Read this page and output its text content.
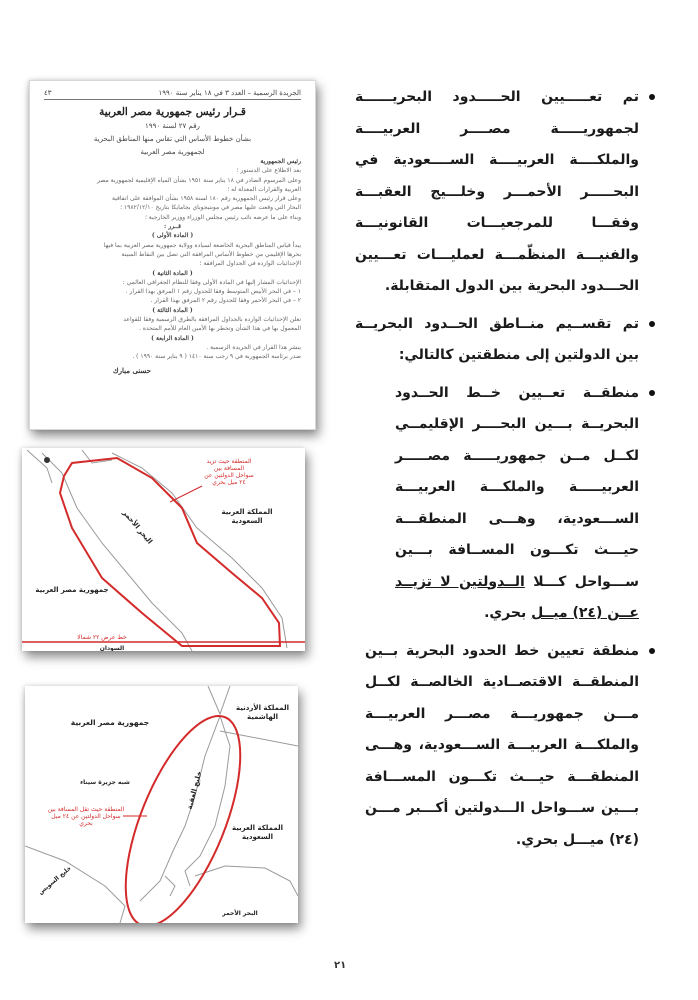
تم تعـــــيين الحـــــدود البحريــــــة لجمهوريـــــة مصــــر العربيــــة والملكــــة العربيــــة الســــعودية في البحـــــر الأحمـــر وخلـــيج العقبـــة وفقـــا للمرجعيـــات القانونيـــة والفنيـــة المنظّمـــة لعمليـــات تعـــيين الحـــدود البحرية بين الدول المتقابلة.

تم تقســيم منــاطق الحــدود البحريــة بين الدولتين إلى منطقتين كالتالي:

منطقــة تعــيين خــط الحــدود البحريــة بـــين البحــــر الإقليمــي لكــل مــن جمهوريـــــة مصـــــر العربيـــــة والملكـــة العربيـــة الســـعودية، وهـــى المنطقـــة حيـــث تكـــون المســافة بـــين ســـواحل كـــلا الــدولتين لا تزيــد عــن (٢٤) ميــل بحري.

منطقة تعيين خط الحدود البحرية بــين المنطقــة الاقتصــادية الخالصــة لكــل مـــن جمهوريـــة مصـــر العربيـــة والملكـــة العربيـــة الســـعودية، وهـــى المنطقـــة حيـــث تكـــون المســـافة بـــين ســـواحل الـــدولتين أكـــبر مـــن (٢٤) ميـــل بحري.

الجريدة الرسمية – العدد ٣ في ١٨ يناير سنة ١٩٩٠
٤٣
قـرار رئيس جمهورية مصر العربية
رقم ٢٧ لسنة ١٩٩٠
بشأن خطوط الأساس التي تقاس منها المناطق البحرية
لجمهورية مصر العربية
رئيس الجمهورية
بعد الاطلاع على الدستور ؛
وعلى المرسوم الصادر في ١٨ يناير سنة ١٩٥١ بشأن المياه الإقليمية لجمهورية مصر
العربية والقرارات المعدلة له ؛
وعلى قرار رئيس الجمهورية رقم ١٨٠ لسنة ١٩٥٨ بشأن الموافقة على اتفاقية
البحار التي وقعت عليها مصر في مونتيجوباي بجامايكا بتاريخ ١٩٨٢/١٢/١٠ ؛
وبناء على ما عرضه نائب رئيس مجلس الوزراء ووزير الخارجية ؛
قــرر :
( المادة الأولى )
يبدأ قياس المناطق البحرية الخاضعة لسيادة وولاية جمهورية مصر العربية بما فيها
بحرها الإقليمي من خطوط الأساس المرافقة التي تصل بين النقاط المبينة
الإحداثيات الواردة في الجداول المرافقة ؛
( المادة الثانية )
الإحداثيات المشار إليها في المادة الأولى وفقا للنظام الجغرافي العالمي :
١ – في البحر الأبيض المتوسط وفقا للجدول رقم ١ المرفق بهذا القرار .
٢ – في البحر الأحمر وفقا للجدول رقم ٢ المرفق بهذا القرار .
( المادة الثالثة )
تعلن الإحداثيات الواردة بالجداول المرافقة بالطرق الرسمية وفقا للقواعد
المعمول بها في هذا الشأن وتخطر بها الأمين العام للأمم المتحدة .
( المادة الرابعة )
ينشر هذا القرار في الجريدة الرسمية .
صدر برئاسة الجمهورية في ٩ رجب سنة ١٤١٠ ( ٩ يناير سنة ١٩٩٠ ) .
حسنى مبارك
المنطقة حيث تزيد المسافة بين سواحل الدولتين عن ٢٤ ميل بحري
المملكة العربية السعودية
البحر الأحمر
جمهورية مصر العربية
خط عرض ٢٢ شمالا
السودان
جمهورية مصر العربية
المملكة الأردنية الهاشمية
شبه جزيرة سيناء	خليج العقبة
المنطقة حيث تقل المسافة بين سواحل الدولتين عن ٢٤ ميل بحري
المملكة العربية السعودية
خليج السويس
البحر الأحمر
٢١
